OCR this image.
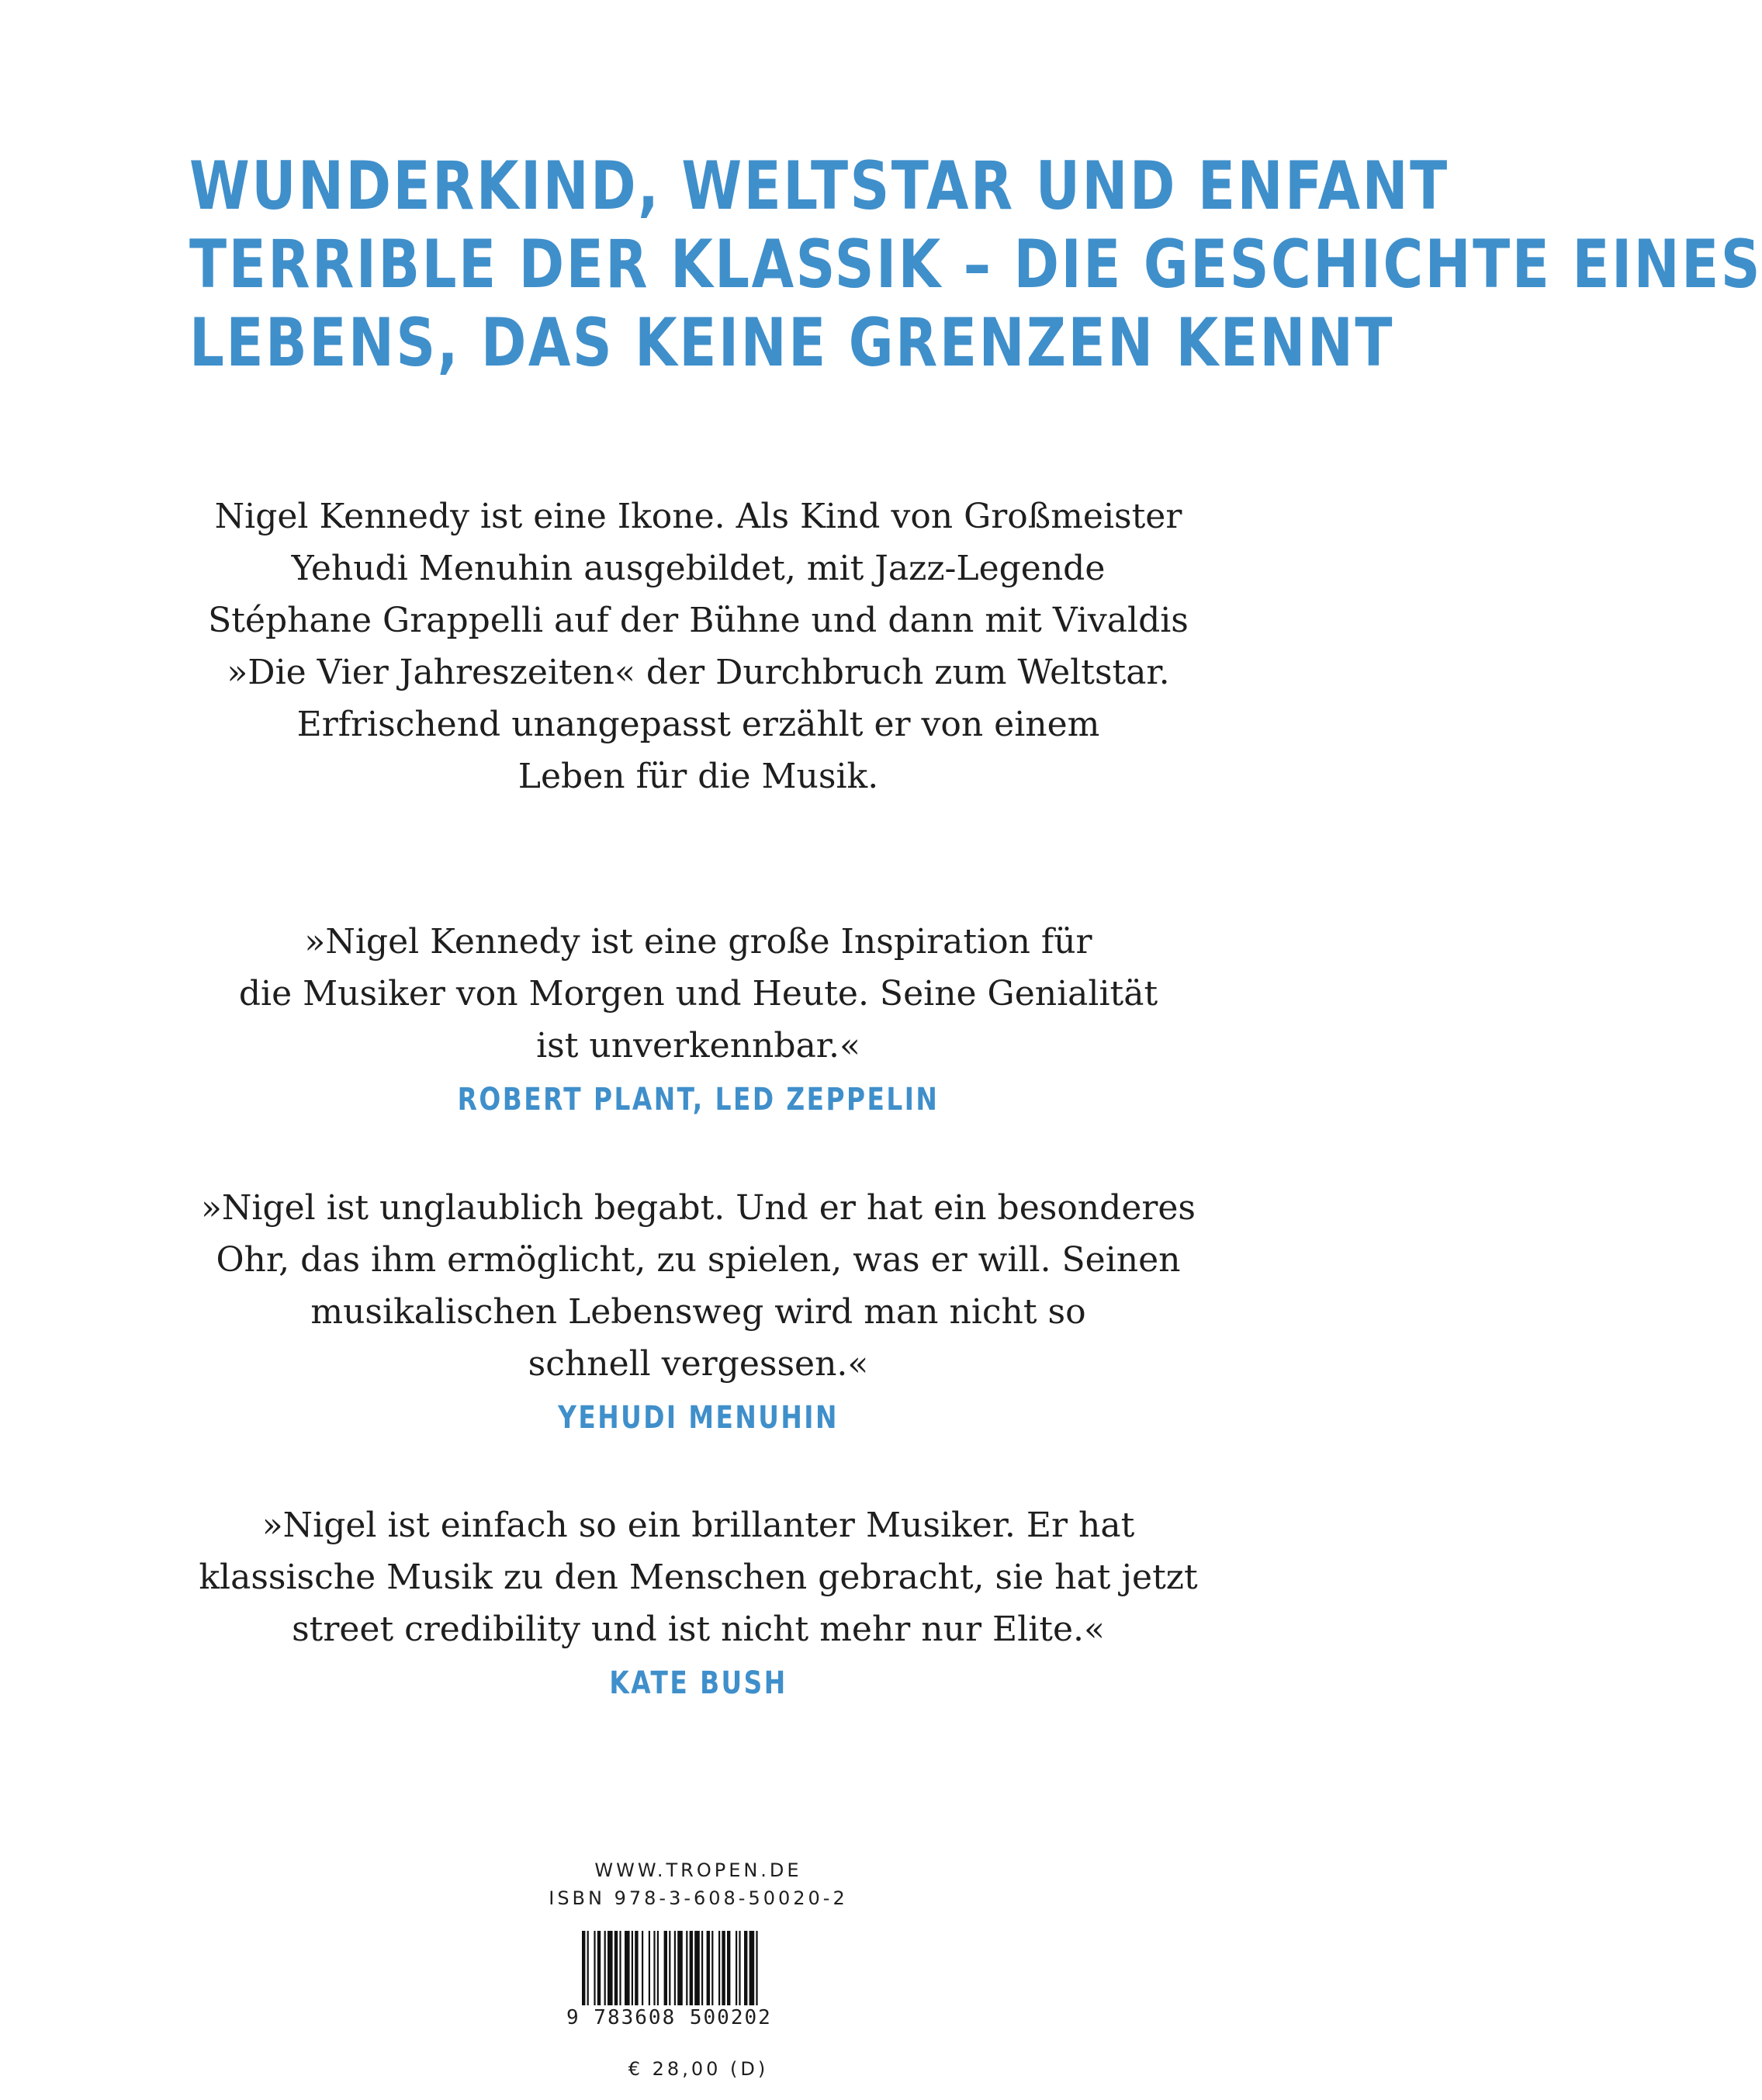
WUNDERKIND, WELTSTAR UND ENFANT
TERRIBLE DER KLASSIK – DIE GESCHICHTE EINES
LEBENS, DAS KEINE GRENZEN KENNT
Nigel Kennedy ist eine Ikone. Als Kind von Großmeister
Yehudi Menuhin ausgebildet, mit Jazz-Legende
Stéphane Grappelli auf der Bühne und dann mit Vivaldis
»Die Vier Jahreszeiten« der Durchbruch zum Weltstar.
Erfrischend unangepasst erzählt er von einem
Leben für die Musik.
»Nigel Kennedy ist eine große Inspiration für
die Musiker von Morgen und Heute. Seine Genialität
ist unverkennbar.«
ROBERT PLANT, LED ZEPPELIN
»Nigel ist unglaublich begabt. Und er hat ein besonderes
Ohr, das ihm ermöglicht, zu spielen, was er will. Seinen
musikalischen Lebensweg wird man nicht so
schnell vergessen.«
YEHUDI MENUHIN
»Nigel ist einfach so ein brillanter Musiker. Er hat
klassische Musik zu den Menschen gebracht, sie hat jetzt
street credibility und ist nicht mehr nur Elite.«
KATE BUSH
WWW.TROPEN.DE
ISBN 978-3-608-50020-2
9 783608 500202
€ 28,00 (D)
